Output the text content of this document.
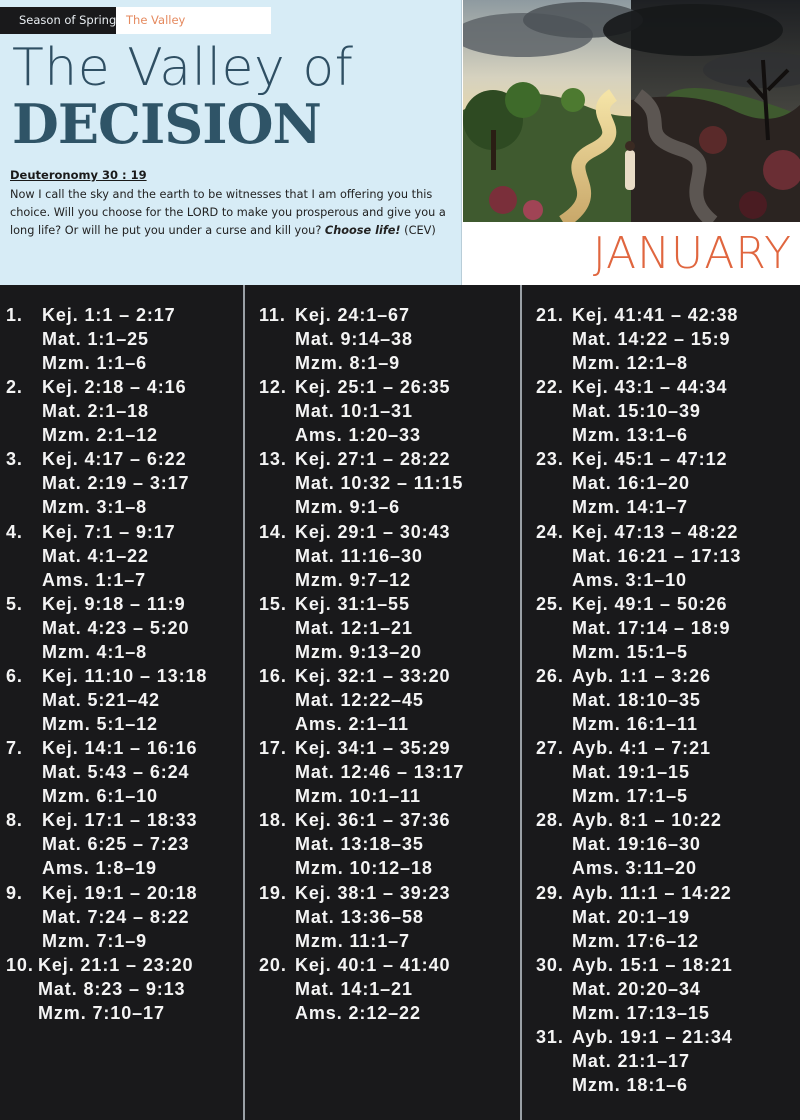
Season of Spring The Valley
The Valley of
DECISION
Deuteronomy 30 : 19
Now I call the sky and the earth to be witnesses that I am offering you this choice. Will you choose for the LORD to make you prosperous and give you a long life? Or will he put you under a curse and kill you? Choose life! (CEV)	JANUARY
1. Kej. 1:1 – 2:17
Mat. 1:1–25
Mzm. 1:1–6
2. Kej. 2:18 – 4:16
Mat. 2:1–18
Mzm. 2:1–12
3. Kej. 4:17 – 6:22
Mat. 2:19 – 3:17
Mzm. 3:1–8
4. Kej. 7:1 – 9:17
Mat. 4:1–22
Ams. 1:1–7
5. Kej. 9:18 – 11:9
Mat. 4:23 – 5:20
Mzm. 4:1–8
6. Kej. 11:10 – 13:18
Mat. 5:21–42
Mzm. 5:1–12
7. Kej. 14:1 – 16:16
Mat. 5:43 – 6:24
Mzm. 6:1–10
8. Kej. 17:1 – 18:33
Mat. 6:25 – 7:23
Ams. 1:8–19
9. Kej. 19:1 – 20:18
Mat. 7:24 – 8:22
Mzm. 7:1–9
10. Kej. 21:1 – 23:20
Mat. 8:23 – 9:13
Mzm. 7:10–17
11. Kej. 24:1–67
Mat. 9:14–38
Mzm. 8:1–9
12. Kej. 25:1 – 26:35
Mat. 10:1–31
Ams. 1:20–33
13. Kej. 27:1 – 28:22
Mat. 10:32 – 11:15
Mzm. 9:1–6
14. Kej. 29:1 – 30:43
Mat. 11:16–30
Mzm. 9:7–12
15. Kej. 31:1–55
Mat. 12:1–21
Mzm. 9:13–20
16. Kej. 32:1 – 33:20
Mat. 12:22–45
Ams. 2:1–11
17. Kej. 34:1 – 35:29
Mat. 12:46 – 13:17
Mzm. 10:1–11
18. Kej. 36:1 – 37:36
Mat. 13:18–35
Mzm. 10:12–18
19. Kej. 38:1 – 39:23
Mat. 13:36–58
Mzm. 11:1–7
20. Kej. 40:1 – 41:40
Mat. 14:1–21
Ams. 2:12–22
21. Kej. 41:41 – 42:38
Mat. 14:22 – 15:9
Mzm. 12:1–8
22. Kej. 43:1 – 44:34
Mat. 15:10–39
Mzm. 13:1–6
23. Kej. 45:1 – 47:12
Mat. 16:1–20
Mzm. 14:1–7
24. Kej. 47:13 – 48:22
Mat. 16:21 – 17:13
Ams. 3:1–10
25. Kej. 49:1 – 50:26
Mat. 17:14 – 18:9
Mzm. 15:1–5
26. Ayb. 1:1 – 3:26
Mat. 18:10–35
Mzm. 16:1–11
27. Ayb. 4:1 – 7:21
Mat. 19:1–15
Mzm. 17:1–5
28. Ayb. 8:1 – 10:22
Mat. 19:16–30
Ams. 3:11–20
29. Ayb. 11:1 – 14:22
Mat. 20:1–19
Mzm. 17:6–12
30. Ayb. 15:1 – 18:21
Mat. 20:20–34
Mzm. 17:13–15
31. Ayb. 19:1 – 21:34
Mat. 21:1–17
Mzm. 18:1–6
